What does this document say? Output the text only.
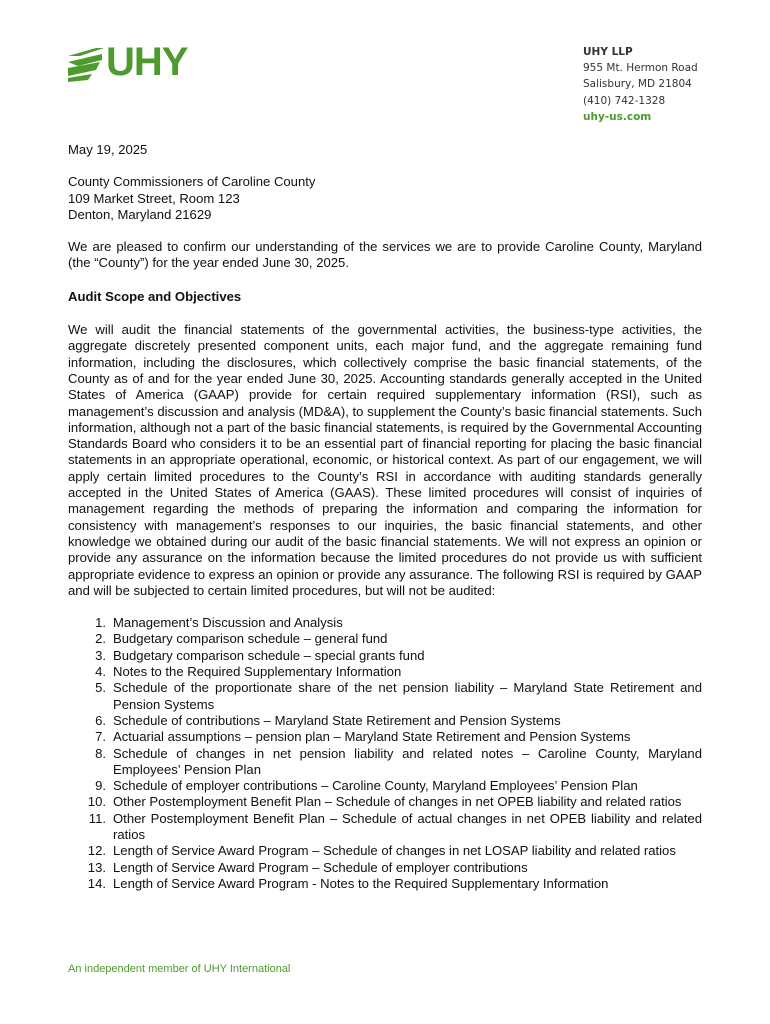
UHY	UHY LLP
955 Mt. Hermon Road
Salisbury, MD 21804
(410) 742-1328
uhy-us.com

May 19, 2025

County Commissioners of Caroline County

109 Market Street, Room 123

Denton, Maryland 21629

We are pleased to confirm our understanding of the services we are to provide Caroline County, Maryland (the “County”) for the year ended June 30, 2025.

Audit Scope and Objectives

We will audit the financial statements of the governmental activities, the business-type activities, the aggregate discretely presented component units, each major fund, and the aggregate remaining fund information, including the disclosures, which collectively comprise the basic financial statements, of the County as of and for the year ended June 30, 2025. Accounting standards generally accepted in the United States of America (GAAP) provide for certain required supplementary information (RSI), such as management’s discussion and analysis (MD&A), to supplement the County’s basic financial statements. Such information, although not a part of the basic financial statements, is required by the Governmental Accounting Standards Board who considers it to be an essential part of financial reporting for placing the basic financial statements in an appropriate operational, economic, or historical context. As part of our engagement, we will apply certain limited procedures to the County’s RSI in accordance with auditing standards generally accepted in the United States of America (GAAS). These limited procedures will consist of inquiries of management regarding the methods of preparing the information and comparing the information for consistency with management’s responses to our inquiries, the basic financial statements, and other knowledge we obtained during our audit of the basic financial statements. We will not express an opinion or provide any assurance on the information because the limited procedures do not provide us with sufficient appropriate evidence to express an opinion or provide any assurance. The following RSI is required by GAAP and will be subjected to certain limited procedures, but will not be audited:

1. Management’s Discussion and Analysis
2. Budgetary comparison schedule – general fund
3. Budgetary comparison schedule – special grants fund
4. Notes to the Required Supplementary Information
5. Schedule of the proportionate share of the net pension liability – Maryland State Retirement and Pension Systems
6. Schedule of contributions – Maryland State Retirement and Pension Systems
7. Actuarial assumptions – pension plan – Maryland State Retirement and Pension Systems
8. Schedule of changes in net pension liability and related notes – Caroline County, Maryland Employees’ Pension Plan
9. Schedule of employer contributions – Caroline County, Maryland Employees’ Pension Plan
10. Other Postemployment Benefit Plan – Schedule of changes in net OPEB liability and related ratios
11. Other Postemployment Benefit Plan – Schedule of actual changes in net OPEB liability and related ratios
12. Length of Service Award Program – Schedule of changes in net LOSAP liability and related ratios
13. Length of Service Award Program – Schedule of employer contributions
14. Length of Service Award Program - Notes to the Required Supplementary Information
An independent member of UHY International
